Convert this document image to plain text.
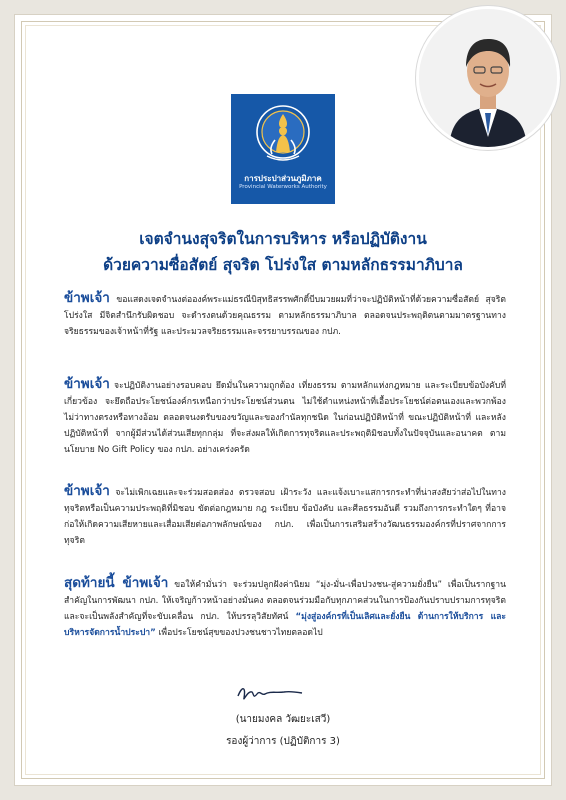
การประปาส่วนภูมิภาค
Provincial Waterworks Authority
เจตจำนงสุจริตในการบริหาร หรือปฏิบัติงาน
ด้วยความซื่อสัตย์ สุจริต โปร่งใส ตามหลักธรรมาภิบาล
ข้าพเจ้า ขอแสดงเจตจำนงต่อองค์พระแม่ธรณีบิสุทธิสรรพศักดิ์บีบมวยผมที่ว่าจะปฏิบัติหน้าที่ด้วยความซื่อสัตย์ สุจริต โปร่งใส มีจิตสำนึกรับผิดชอบ จะดำรงตนด้วยคุณธรรม ตามหลักธรรมาภิบาล ตลอดจนประพฤติตนตามมาตรฐานทางจริยธรรมของเจ้าหน้าที่รัฐ และประมวลจริยธรรมและจรรยาบรรณของ กปภ.
ข้าพเจ้า จะปฏิบัติงานอย่างรอบคอบ ยึดมั่นในความถูกต้อง เที่ยงธรรม ตามหลักแห่งกฎหมาย และระเบียบข้อบังคับที่เกี่ยวข้อง จะยึดถือประโยชน์องค์กรเหนือกว่าประโยชน์ส่วนตน ไม่ใช้ตำแหน่งหน้าที่เอื้อประโยชน์ต่อตนเองและพวกพ้อง ไม่ว่าทางตรงหรือทางอ้อม ตลอดจนงดรับของขวัญและของกำนัลทุกชนิด ในก่อนปฏิบัติหน้าที่ ขณะปฏิบัติหน้าที่ และหลังปฏิบัติหน้าที่ จากผู้มีส่วนได้ส่วนเสียทุกกลุ่ม ที่จะส่งผลให้เกิดการทุจริตและประพฤติมิชอบทั้งในปัจจุบันและอนาคต ตามนโยบาย No Gift Policy ของ กปภ. อย่างเคร่งครัด
ข้าพเจ้า จะไม่เพิกเฉยและจะร่วมสอดส่อง ตรวจสอบ เฝ้าระวัง และแจ้งเบาะแสการกระทำที่น่าสงสัยว่าส่อไปในทางทุจริตหรือเป็นความประพฤติที่มิชอบ ขัดต่อกฎหมาย กฎ ระเบียบ ข้อบังคับ และศีลธรรมอันดี รวมถึงการกระทำใดๆ ที่อาจก่อให้เกิดความเสียหายและเสื่อมเสียต่อภาพลักษณ์ของ กปภ. เพื่อเป็นการเสริมสร้างวัฒนธรรมองค์กรที่ปราศจากการทุจริต
สุดท้ายนี้ ข้าพเจ้า ขอให้คำมั่นว่า จะร่วมปลูกฝังค่านิยม “มุ่ง-มั่น-เพื่อปวงชน-สู่ความยั่งยืน” เพื่อเป็นรากฐานสำคัญในการพัฒนา กปภ. ให้เจริญก้าวหน้าอย่างมั่นคง ตลอดจนร่วมมือกับทุกภาคส่วนในการป้องกันปราบปรามการทุจริต และจะเป็นพลังสำคัญที่จะขับเคลื่อน กปภ. ให้บรรลุวิสัยทัศน์ “มุ่งสู่องค์กรที่เป็นเลิศและยั่งยืน ด้านการให้บริการ และบริหารจัดการน้ำประปา” เพื่อประโยชน์สุขของปวงชนชาวไทยตลอดไป
(นายมงคล วัฒยะเสวี)
รองผู้ว่าการ (ปฏิบัติการ 3)
